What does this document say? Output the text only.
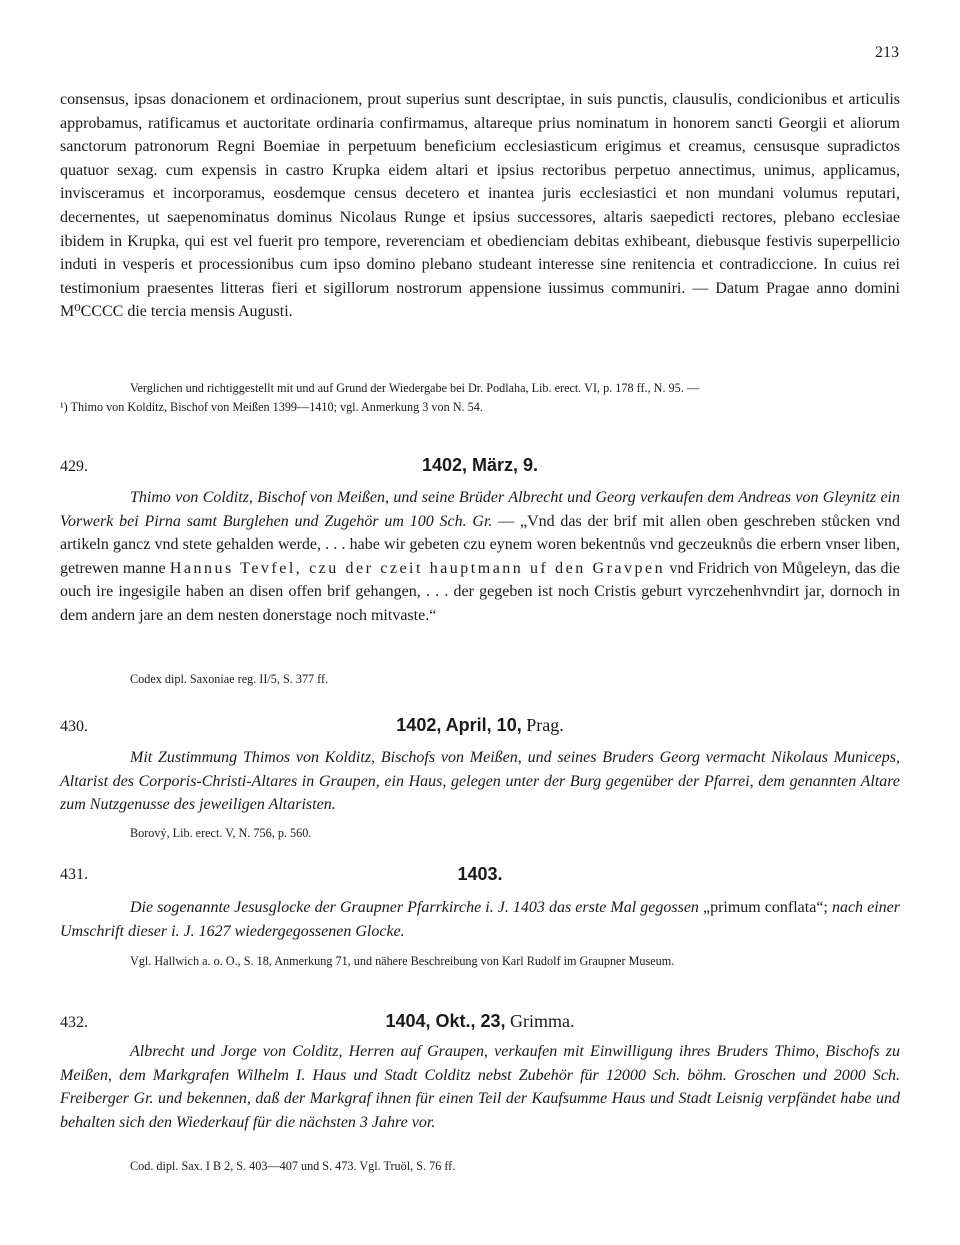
213

consensus, ipsas donacionem et ordinacionem, prout superius sunt descriptae, in suis punctis, clausulis, condicionibus et articulis approbamus, ratificamus et auctoritate ordinaria confirmamus, altareque prius nominatum in honorem sancti Georgii et aliorum sanctorum patronorum Regni Boemiae in perpetuum beneficium ecclesiasticum erigimus et creamus, censusque supradictos quatuor sexag. cum expensis in castro Krupka eidem altari et ipsius rectoribus perpetuo annectimus, unimus, applicamus, invisceramus et incorporamus, eosdemque census decetero et inantea juris ecclesiastici et non mundani volumus reputari, decernentes, ut saepenominatus dominus Nicolaus Runge et ipsius successores, altaris saepedicti rectores, plebano ecclesiae ibidem in Krupka, qui est vel fuerit pro tempore, reverenciam et obedienciam debitas exhibeant, diebusque festivis superpellicio induti in vesperis et processionibus cum ipso domino plebano studeant interesse sine renitencia et contradiccione. In cuius rei testimonium praesentes litteras fieri et sigillorum nostrorum appensione iussimus communiri. — Datum Pragae anno domini M⁰CCCC die tercia mensis Augusti.

Verglichen und richtiggestellt mit und auf Grund der Wiedergabe bei Dr. Podlaha, Lib. erect. VI, p. 178 ff., N. 95. —

¹) Thimo von Kolditz, Bischof von Meißen 1399—1410; vgl. Anmerkung 3 von N. 54.

429.	1402, März, 9.

Thimo von Colditz, Bischof von Meißen, und seine Brüder Albrecht und Georg verkaufen dem Andreas von Gleynitz ein Vorwerk bei Pirna samt Burglehen und Zugehör um 100 Sch. Gr. — „Vnd das der brif mit allen oben geschreben stůcken vnd artikeln gancz vnd stete gehalden werde, . . . habe wir gebeten czu eynem woren bekentnůs vnd geczeuknůs die erbern vnser liben, getrewen manne Hannus Tevfel, czu der czeit hauptmann uf den Gravpen vnd Fridrich von Můgeleyn, das die ouch ire ingesigile haben an disen offen brif gehangen, . . . der gegeben ist noch Cristis geburt vyrczehenhvndirt jar, dornoch in dem andern jare an dem nesten donerstage noch mitvaste.“

Codex dipl. Saxoniae reg. II/5, S. 377 ff.
430.	1402, April, 10, Prag.

Mit Zustimmung Thimos von Kolditz, Bischofs von Meißen, und seines Bruders Georg vermacht Nikolaus Municeps, Altarist des Corporis-Christi-Altares in Graupen, ein Haus, gelegen unter der Burg gegenüber der Pfarrei, dem genannten Altare zum Nutzgenusse des jeweiligen Altaristen.

Borový, Lib. erect. V, N. 756, p. 560.
431.	1403.

Die sogenannte Jesusglocke der Graupner Pfarrkirche i. J. 1403 das erste Mal gegossen „primum conflata“; nach einer Umschrift dieser i. J. 1627 wiedergegossenen Glocke.

Vgl. Hallwich a. o. O., S. 18, Anmerkung 71, und nähere Beschreibung von Karl Rudolf im Graupner Museum.
432.	1404, Okt., 23, Grimma.

Albrecht und Jorge von Colditz, Herren auf Graupen, verkaufen mit Einwilligung ihres Bruders Thimo, Bischofs zu Meißen, dem Markgrafen Wilhelm I. Haus und Stadt Colditz nebst Zubehör für 12000 Sch. böhm. Groschen und 2000 Sch. Freiberger Gr. und bekennen, daß der Markgraf ihnen für einen Teil der Kaufsumme Haus und Stadt Leisnig verpfändet habe und behalten sich den Wiederkauf für die nächsten 3 Jahre vor.

Cod. dipl. Sax. I B 2, S. 403—407 und S. 473. Vgl. Truöl, S. 76 ff.
